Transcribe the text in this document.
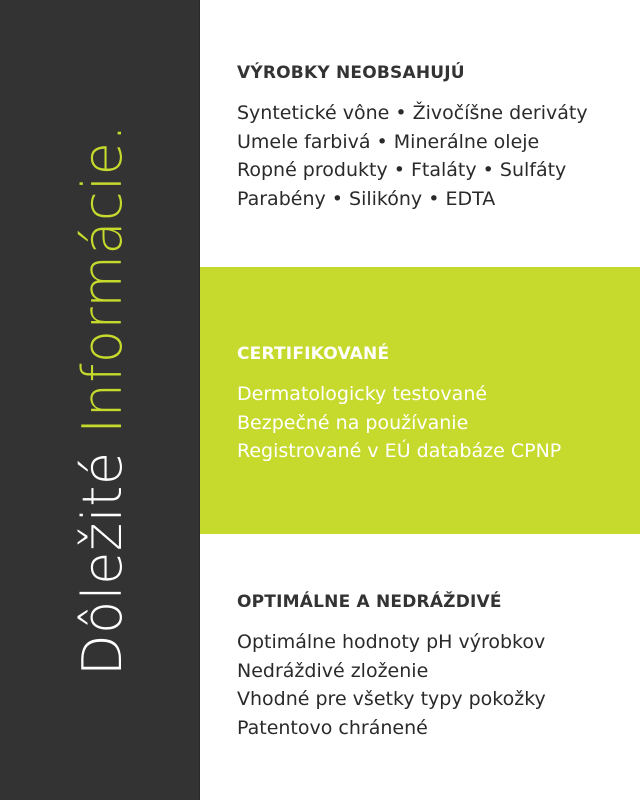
Dôležité Informácie.
VÝROBKY NEOBSAHUJÚ
Syntetické vône • Živočíšne deriváty
Umele farbivá • Minerálne oleje
Ropné produkty • Ftaláty • Sulfáty
Parabény • Silikóny • EDTA
CERTIFIKOVANÉ
Dermatologicky testované
Bezpečné na používanie
Registrované v EÚ databáze CPNP
OPTIMÁLNE A NEDRÁŽDIVÉ
Optimálne hodnoty pH výrobkov
Nedráždivé zloženie
Vhodné pre všetky typy pokožky
Patentovo chránené
